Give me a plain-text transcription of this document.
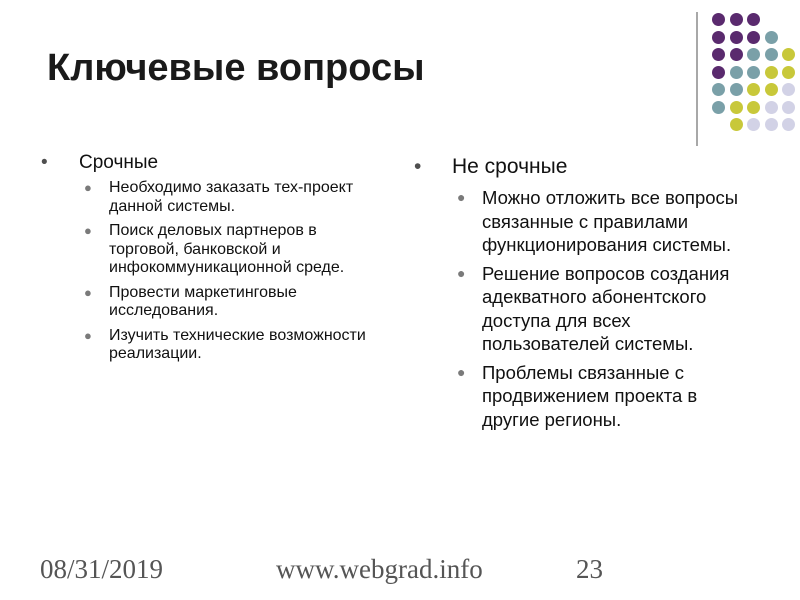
Ключевые вопросы

• Срочные

● Необходимо заказать тех-проект данной системы.
● Поиск деловых партнеров в торговой, банковской и инфокоммуникационной среде.
● Провести маркетинговые исследования.
● Изучить технические возможности реализации.

• Не срочные

● Можно отложить все вопросы связанные с правилами функционирования системы.
● Решение вопросов создания адекватного абонентского доступа для всех пользователей системы.
● Проблемы связанные с продвижением проекта в другие регионы.
08/31/2019	www.webgrad.info	23
